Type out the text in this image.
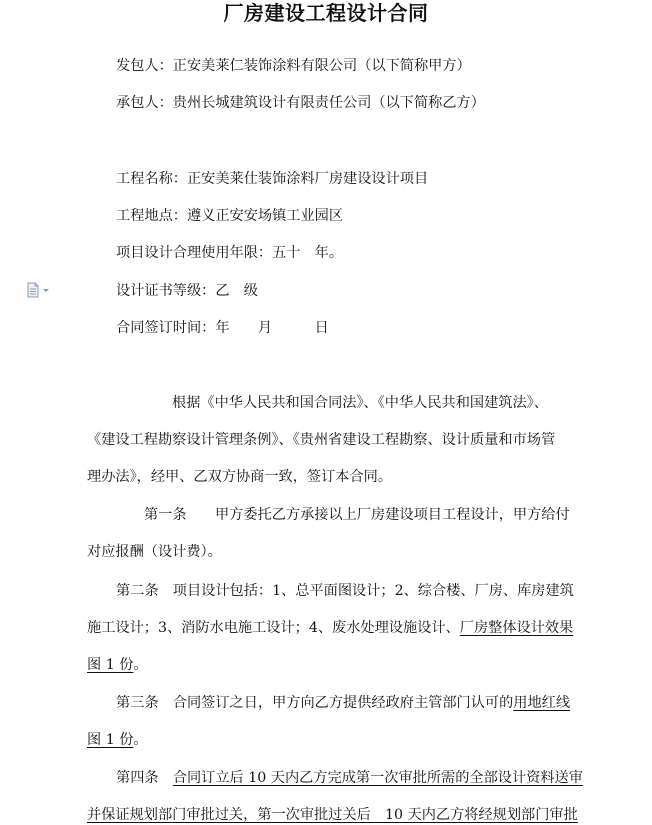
厂房建设工程设计合同
发包人：正安美莱仁装饰涂料有限公司（以下简称甲方）
承包人：贵州长城建筑设计有限责任公司（以下简称乙方）
工程名称：正安美莱仕装饰涂料厂房建设设计项目
工程地点：遵义正安安场镇工业园区
项目设计合理使用年限：五十　年。
设计证书等级：乙　级
合同签订时间：年　　月　　　日
根据《中华人民共和国合同法》、《中华人民共和国建筑法》、
《建设工程勘察设计管理条例》、《贵州省建设工程勘察、设计质量和市场管
理办法》，经甲、乙双方协商一致，签订本合同。
第一条　　甲方委托乙方承接以上厂房建设项目工程设计，甲方给付
对应报酬（设计费）。
第二条　项目设计包括：1、总平面图设计；2、综合楼、厂房、库房建筑
施工设计；3、消防水电施工设计；4、废水处理设施设计、厂房整体设计效果
图 1 份。
第三条　合同签订之日，甲方向乙方提供经政府主管部门认可的用地红线
图 1 份。
第四条　合同订立后 10 天内乙方完成第一次审批所需的全部设计资料送审
并保证规划部门审批过关，第一次审批过关后　10 天内乙方将经规划部门审批
